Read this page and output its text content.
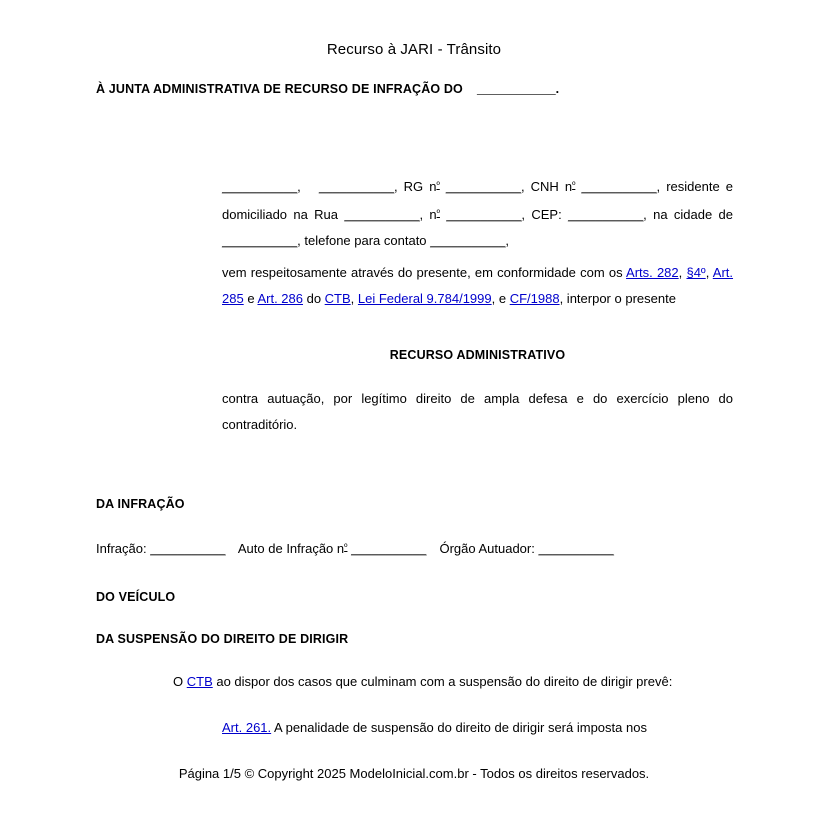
Recurso à JARI - Trânsito
À JUNTA ADMINISTRATIVA DE RECURSO DE INFRAÇÃO DO ____________.
___________, ___________, RG $n^º$ ___________, CNH $n^º$ ___________, residente e domiciliado na Rua ___________, $n^º$ ___________, CEP: ___________, na cidade de ___________, telefone para contato ___________,
vem respeitosamente através do presente, em conformidade com os Arts. 282, §4º, Art. 285 e Art. 286 do CTB, Lei Federal 9.784/1999, e CF/1988, interpor o presente
RECURSO ADMINISTRATIVO
contra autuação, por legítimo direito de ampla defesa e do exercício pleno do contraditório.
DA INFRAÇÃO
Infração: ___________ Auto de Infração $n^º$ ___________ Órgão Autuador: ___________
DO VEÍCULO
DA SUSPENSÃO DO DIREITO DE DIRIGIR
O CTB ao dispor dos casos que culminam com a suspensão do direito de dirigir prevê:
Art. 261. A penalidade de suspensão do direito de dirigir será imposta nos
Página 1/5 © Copyright 2025 ModeloInicial.com.br - Todos os direitos reservados.
